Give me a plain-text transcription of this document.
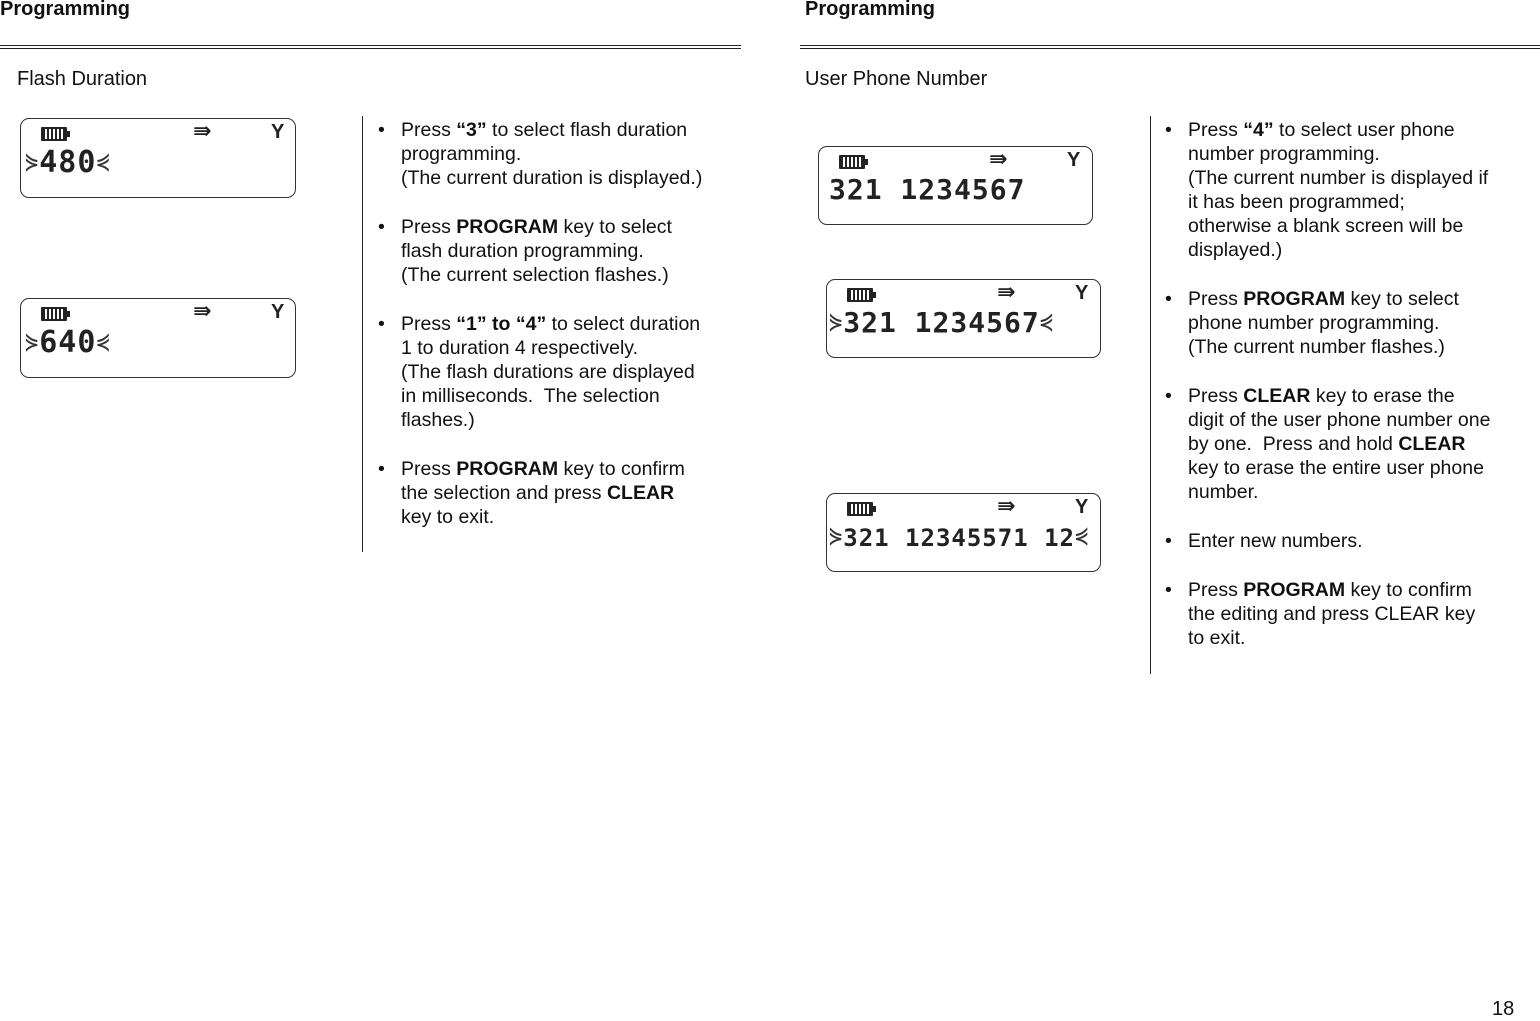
Programming
Flash Duration
⇛	Y
⋟480⋞
⇛	Y
⋟640⋞
• Press “3” to select flash duration
programming.
(The current duration is displayed.)
• Press PROGRAM key to select
flash duration programming.
(The current selection flashes.)
• Press “1” to “4” to select duration
1 to duration 4 respectively.
(The flash durations are displayed
in milliseconds.  The selection
flashes.)
• Press PROGRAM key to confirm
the selection and press CLEAR
key to exit.
Programming
User Phone Number
⇛	Y
321 1234567
⇛	Y
⋟321 1234567⋞
⇛	Y
⋟321 12345571 12⋞
• Press “4” to select user phone
number programming.
(The current number is displayed if
it has been programmed;
otherwise a blank screen will be
displayed.)
• Press PROGRAM key to select
phone number programming.
(The current number flashes.)
• Press CLEAR key to erase the
digit of the user phone number one
by one.  Press and hold CLEAR
key to erase the entire user phone
number.
• Enter new numbers.
• Press PROGRAM key to confirm
the editing and press CLEAR key
to exit.
18
